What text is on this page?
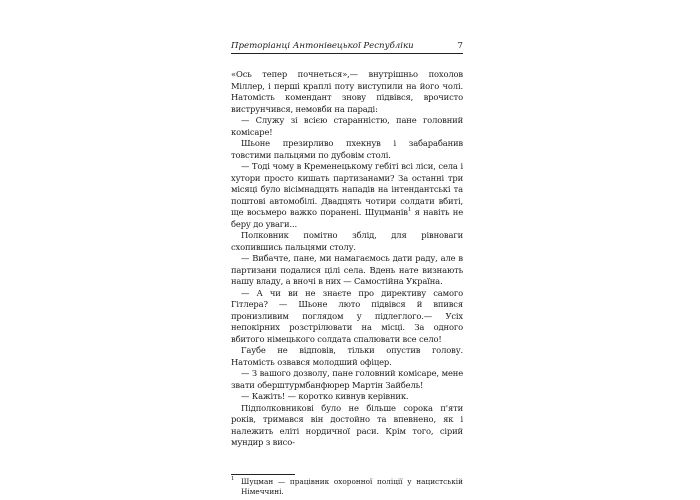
Преторіанці Антонівецької Республіки	7

«Ось тепер почнеться»,— внутрішньо похолов Міллер, і перші краплі поту виступили на його чолі. Натомість комендант знову підвівся, врочисто виструнчився, немовби на параді:

— Служу зі всією старанністю, пане головний комісаре!

Шьоне презирливо пхекнув і забарабанив товстими пальцями по дубовім столі.

— Тоді чому в Кременецькому гебіті всі ліси, села і хутори просто кишать партизанами? За останні три місяці було вісімнадцять нападів на інтендантські та поштові автомобілі. Двадцять чотири солдати вбиті, ще восьмеро важко поранені. Шуцманів$^1$ я навіть не беру до уваги...

Полковник помітно зблід, для рівноваги схопившись пальцями столу.

— Вибачте, пане, ми намагаємось дати раду, але в партизани подалися цілі села. Вдень нате визнають нашу владу, а вночі в них — Самостійна Україна.

— А чи ви не знаєте про директиву самого Гітлера? — Шьоне люто підвівся й впився пронизливим поглядом у підлеглого.— Усіх непокірних розстрілювати на місці. За одного вбитого німецького солдата спалювати все село!

Гаубе не відповів, тільки опустив голову. Натомість озвався молодший офіцер.

— З вашого дозволу, пане головний комісаре, мене звати оберштурмбанфюрер Мартін Зайбель!

— Кажіть! — коротко кивнув керівник.

Підполковникові було не більше сорока п'яти років, тримався він достойно та впевнено, як і належить еліті нордичної раси. Крім того, сірий мундир з висо-

1 Шуцман — працівник охоронної поліції у нацистській Німеччині.
